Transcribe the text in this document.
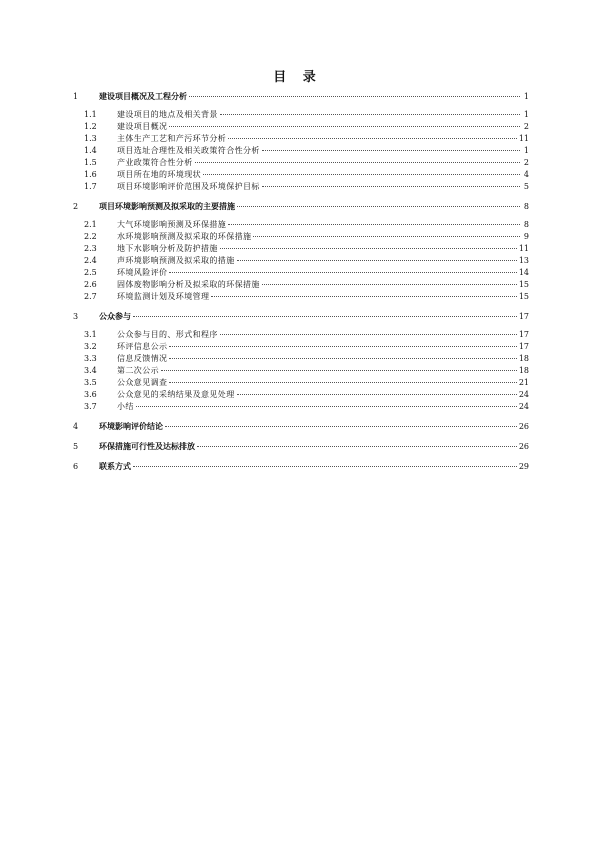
目 录
1	建设项目概况及工程分析	1
1.1	建设项目的地点及相关背景	1
1.2	建设项目概况	2
1.3	主体生产工艺和产污环节分析	11
1.4	项目选址合理性及相关政策符合性分析	1
1.5	产业政策符合性分析	2
1.6	项目所在地的环境现状	4
1.7	项目环境影响评价范围及环境保护目标	5
2	项目环境影响预测及拟采取的主要措施	8
2.1	大气环境影响预测及环保措施	8
2.2	水环境影响预测及拟采取的环保措施	9
2.3	地下水影响分析及防护措施	11
2.4	声环境影响预测及拟采取的措施	13
2.5	环境风险评价	14
2.6	固体废物影响分析及拟采取的环保措施	15
2.7	环境监测计划及环境管理	15
3	公众参与	17
3.1	公众参与目的、形式和程序	17
3.2	环评信息公示	17
3.3	信息反馈情况	18
3.4	第二次公示	18
3.5	公众意见调查	21
3.6	公众意见的采纳结果及意见处理	24
3.7	小结	24
4	环境影响评价结论	26
5	环保措施可行性及达标排放	26
6	联系方式	29
